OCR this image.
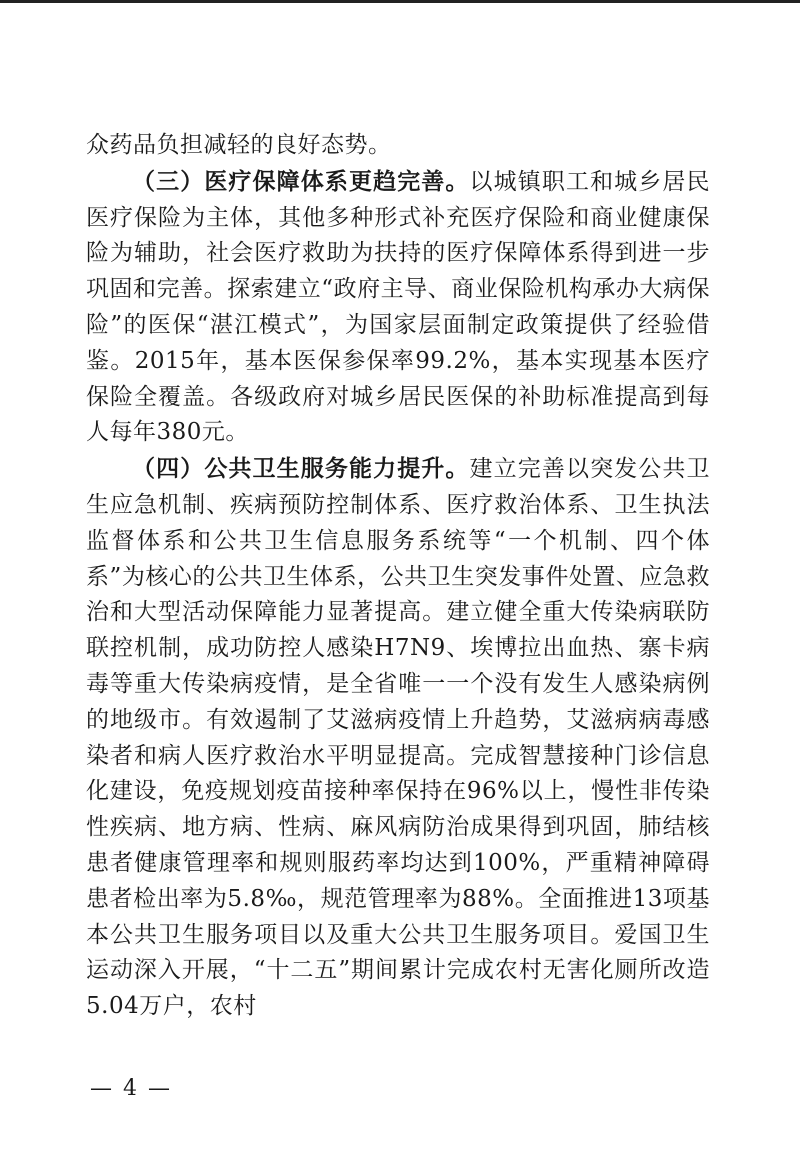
众药品负担减轻的良好态势。

（三）医疗保障体系更趋完善。以城镇职工和城乡居民医疗保险为主体，其他多种形式补充医疗保险和商业健康保险为辅助，社会医疗救助为扶持的医疗保障体系得到进一步巩固和完善。探索建立“政府主导、商业保险机构承办大病保险”的医保“湛江模式”，为国家层面制定政策提供了经验借鉴。2015年，基本医保参保率99.2%，基本实现基本医疗保险全覆盖。各级政府对城乡居民医保的补助标准提高到每人每年380元。

（四）公共卫生服务能力提升。建立完善以突发公共卫生应急机制、疾病预防控制体系、医疗救治体系、卫生执法监督体系和公共卫生信息服务系统等“一个机制、四个体系”为核心的公共卫生体系，公共卫生突发事件处置、应急救治和大型活动保障能力显著提高。建立健全重大传染病联防联控机制，成功防控人感染H7N9、埃博拉出血热、寨卡病毒等重大传染病疫情，是全省唯一一个没有发生人感染病例的地级市。有效遏制了艾滋病疫情上升趋势，艾滋病病毒感染者和病人医疗救治水平明显提高。完成智慧接种门诊信息化建设，免疫规划疫苗接种率保持在96%以上，慢性非传染性疾病、地方病、性病、麻风病防治成果得到巩固，肺结核患者健康管理率和规则服药率均达到100%，严重精神障碍患者检出率为5.8‰，规范管理率为88%。全面推进13项基本公共卫生服务项目以及重大公共卫生服务项目。爱国卫生运动深入开展，“十二五”期间累计完成农村无害化厕所改造5.04万户，农村

— 4 —
